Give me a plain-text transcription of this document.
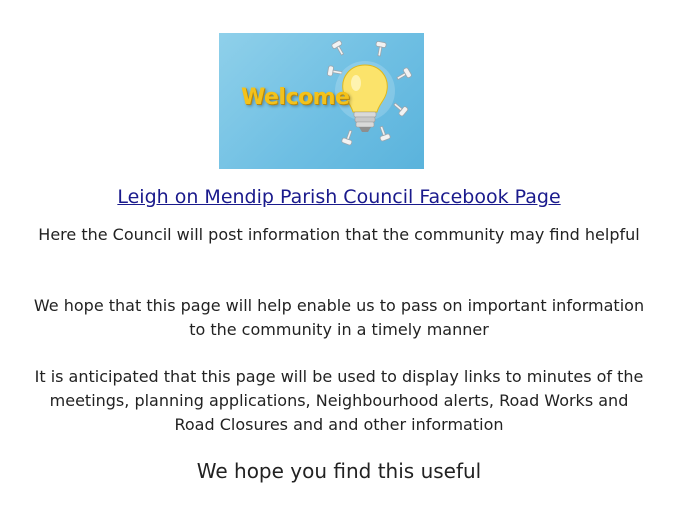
Welcome
Leigh on Mendip Parish Council Facebook Page
Here the Council will post information that the community may find helpful
We hope that this page will help enable us to pass on important information to the community in a timely manner
It is anticipated that this page will be used to display links to minutes of the meetings, planning applications, Neighbourhood alerts, Road Works and Road Closures and and other information
We hope you find this useful
